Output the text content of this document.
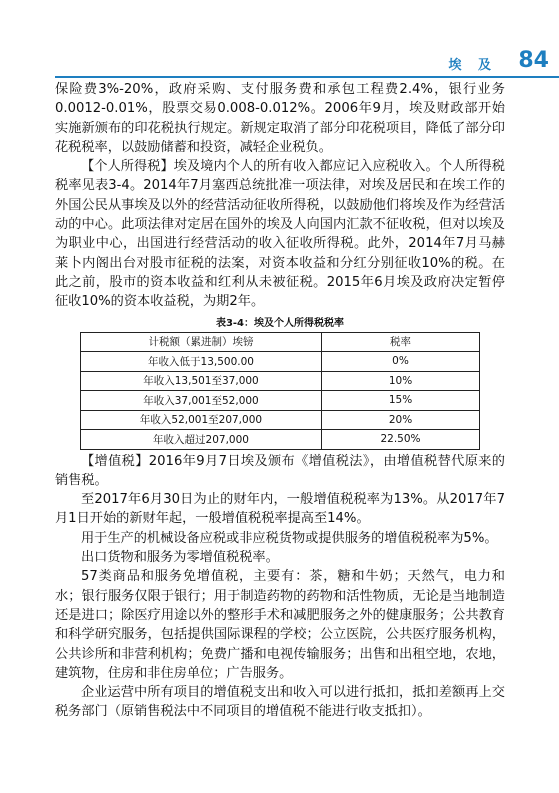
埃 及 84

保险费3%-20%，政府采购、支付服务费和承包工程费2.4%，银行业务0.0012-0.01%，股票交易0.008-0.012%。2006年9月，埃及财政部开始实施新颁布的印花税执行规定。新规定取消了部分印花税项目，降低了部分印花税税率，以鼓励储蓄和投资，减轻企业税负。

【个人所得税】埃及境内个人的所有收入都应记入应税收入。个人所得税税率见表3-4。2014年7月塞西总统批准一项法律，对埃及居民和在埃工作的外国公民从事埃及以外的经营活动征收所得税，以鼓励他们将埃及作为经营活动的中心。此项法律对定居在国外的埃及人向国内汇款不征收税，但对以埃及为职业中心，出国进行经营活动的收入征收所得税。此外，2014年7月马赫莱卜内阁出台对股市征税的法案，对资本收益和分红分别征收10%的税。在此之前，股市的资本收益和红利从未被征税。2015年6月埃及政府决定暂停征收10%的资本收益税，为期2年。

表3-4：埃及个人所得税税率
计税额（累进制）埃镑	税率
年收入低于13,500.00	0%
年收入13,501至37,000	10%
年收入37,001至52,000	15%
年收入52,001至207,000	20%
年收入超过207,000	22.50%

【增值税】2016年9月7日埃及颁布《增值税法》，由增值税替代原来的销售税。

至2017年6月30日为止的财年内，一般增值税税率为13%。从2017年7月1日开始的新财年起，一般增值税税率提高至14%。

用于生产的机械设备应税或非应税货物或提供服务的增值税税率为5%。

出口货物和服务为零增值税税率。

57类商品和服务免增值税，主要有：茶，糖和牛奶；天然气，电力和水；银行服务仅限于银行；用于制造药物的药物和活性物质，无论是当地制造还是进口；除医疗用途以外的整形手术和减肥服务之外的健康服务；公共教育和科学研究服务，包括提供国际课程的学校；公立医院，公共医疗服务机构，公共诊所和非营利机构；免费广播和电视传输服务；出售和出租空地，农地，建筑物，住房和非住房单位；广告服务。

企业运营中所有项目的增值税支出和收入可以进行抵扣，抵扣差额再上交税务部门（原销售税法中不同项目的增值税不能进行收支抵扣）。
